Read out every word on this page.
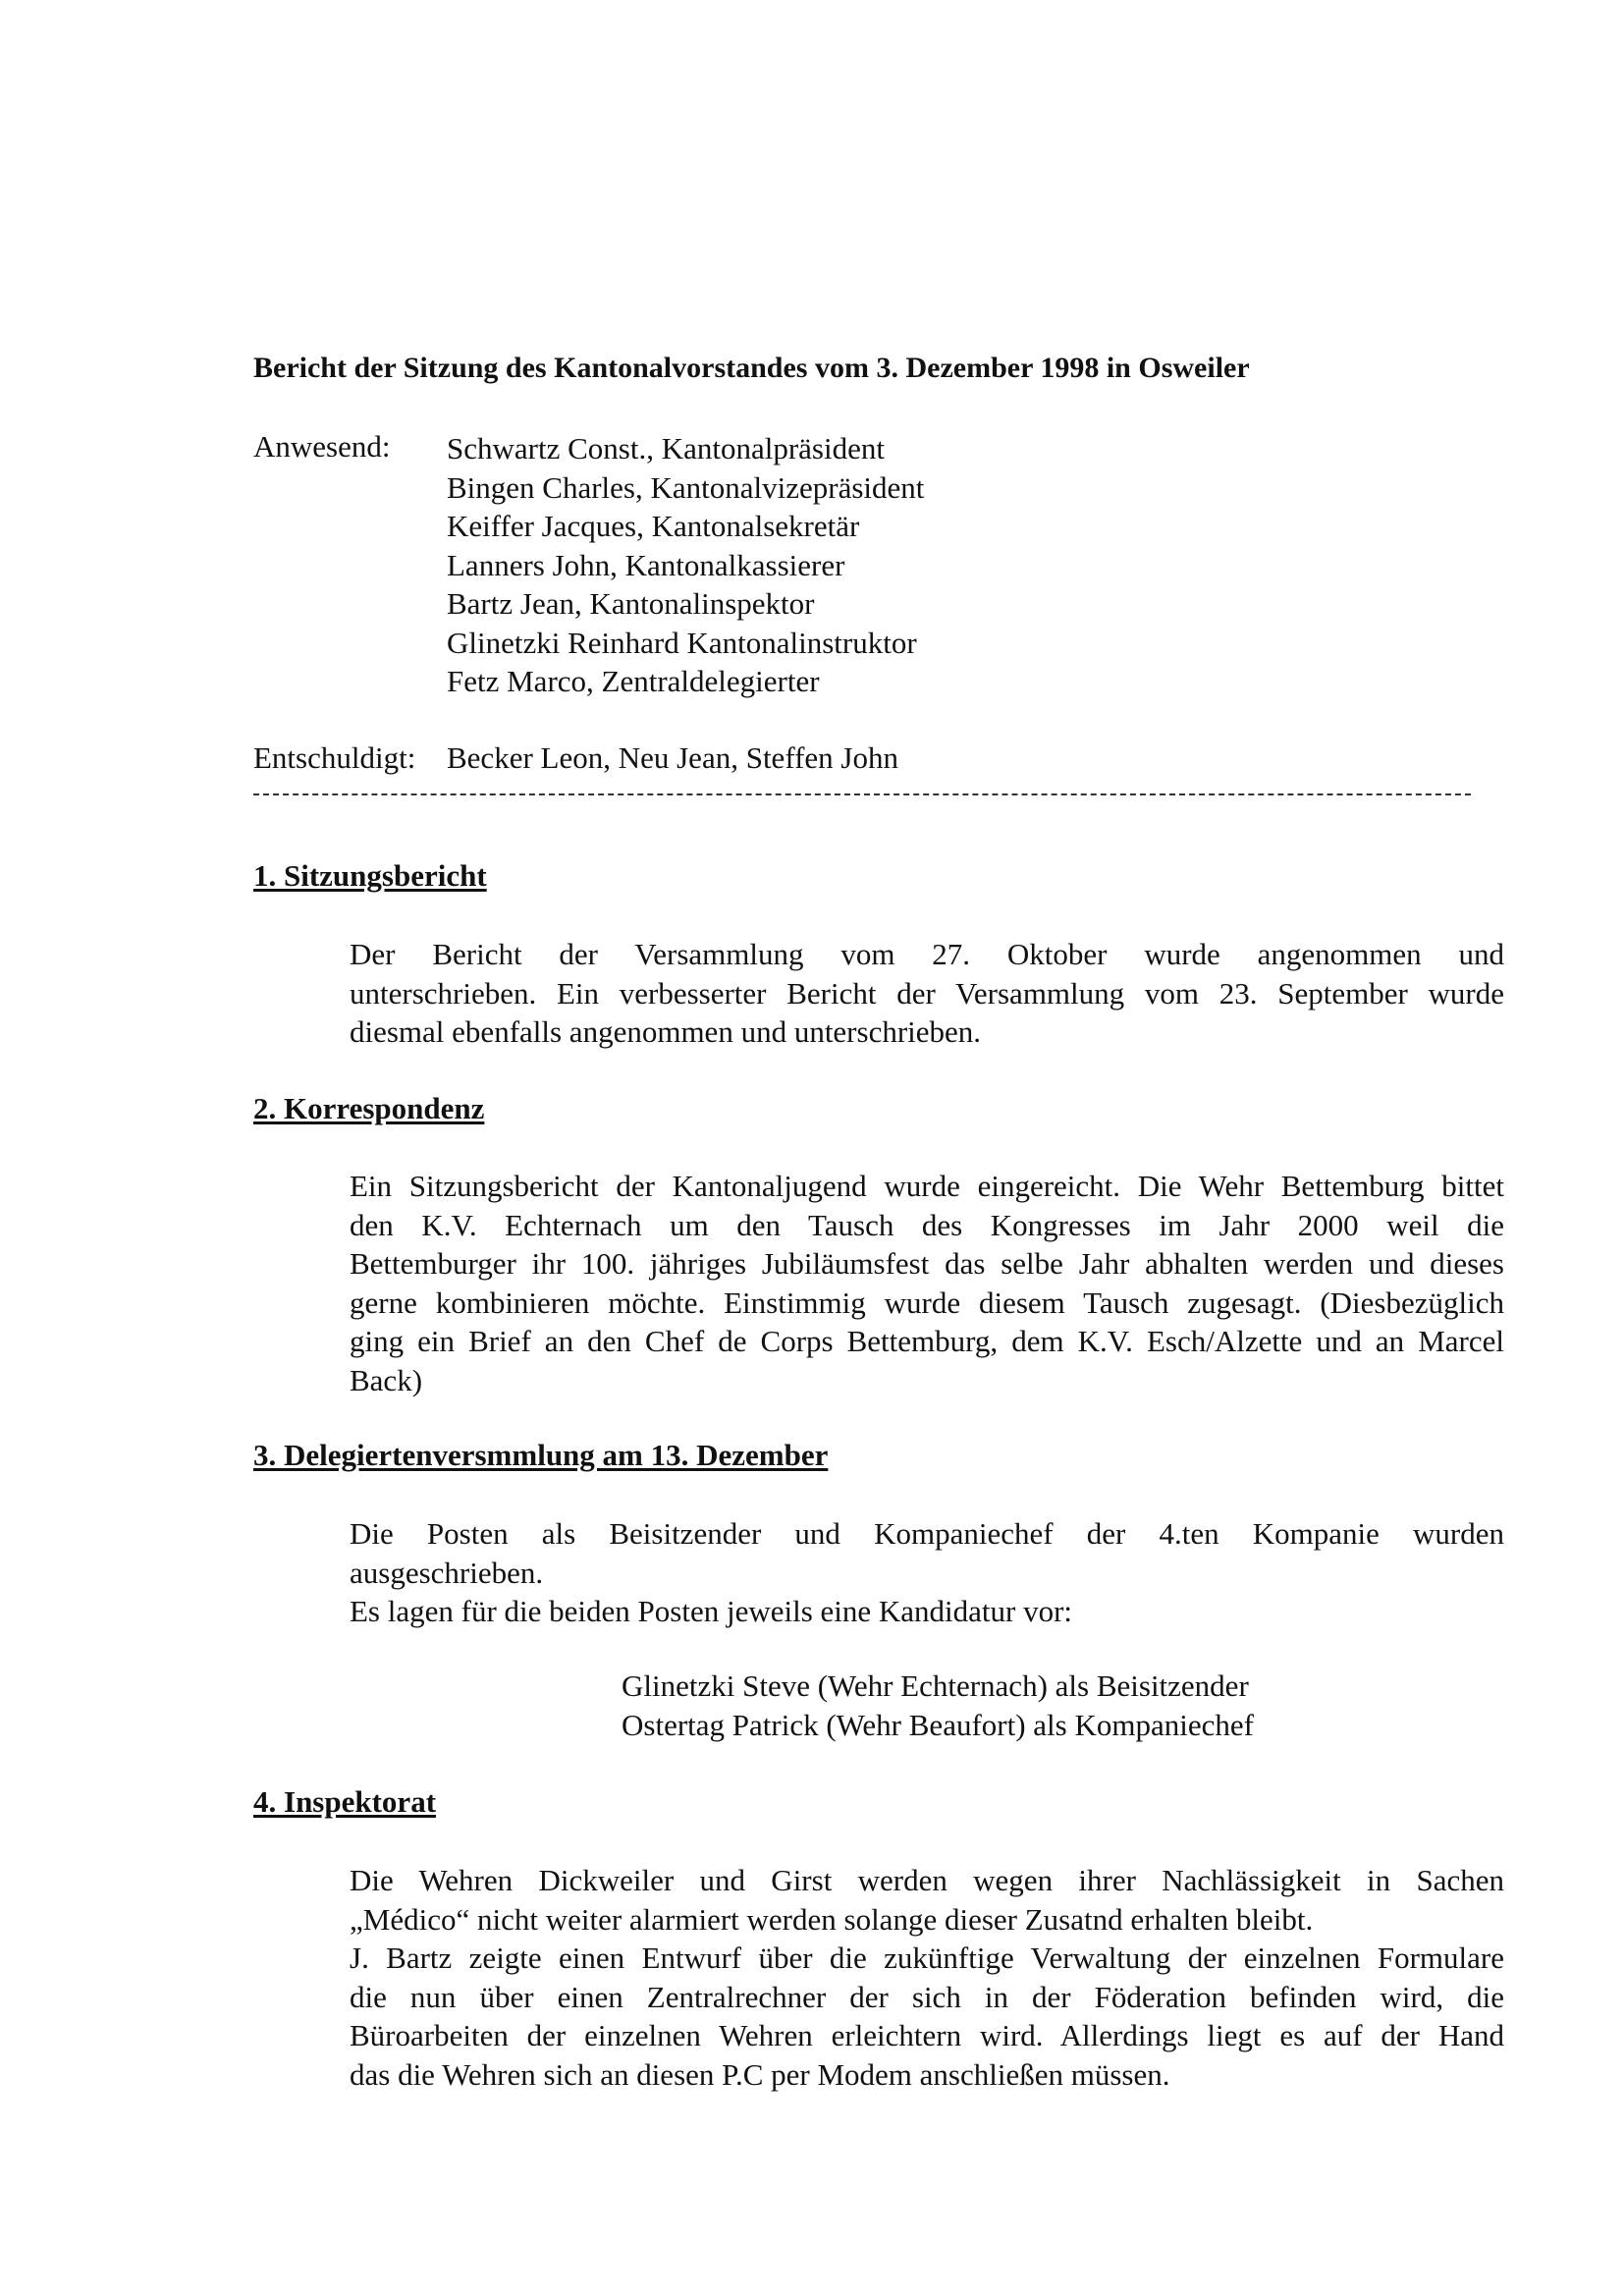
Bericht der Sitzung des Kantonalvorstandes vom 3. Dezember 1998 in Osweiler
Anwesend: Schwartz Const., Kantonalpräsident
Bingen Charles, Kantonalvizepräsident
Keiffer Jacques, Kantonalsekretär
Lanners John, Kantonalkassierer
Bartz Jean, Kantonalinspektor
Glinetzki Reinhard Kantonalinstruktor
Fetz Marco, Zentraldelegierter
Entschuldigt: Becker Leon, Neu Jean, Steffen John
1. Sitzungsbericht
Der Bericht der Versammlung vom 27. Oktober wurde angenommen und
unterschrieben. Ein verbesserter Bericht der Versammlung vom 23. September wurde
diesmal ebenfalls angenommen und unterschrieben.
2. Korrespondenz
Ein Sitzungsbericht der Kantonaljugend wurde eingereicht. Die Wehr Bettemburg bittet
den K.V. Echternach um den Tausch des Kongresses im Jahr 2000 weil die
Bettemburger ihr 100. jähriges Jubiläumsfest das selbe Jahr abhalten werden und dieses
gerne kombinieren möchte. Einstimmig wurde diesem Tausch zugesagt. (Diesbezüglich
ging ein Brief an den Chef de Corps Bettemburg, dem K.V. Esch/Alzette und an Marcel
Back)
3. Delegiertenversmmlung am 13. Dezember
Die Posten als Beisitzender und Kompaniechef der 4.ten Kompanie wurden
ausgeschrieben.
Es lagen für die beiden Posten jeweils eine Kandidatur vor:
Glinetzki Steve (Wehr Echternach) als Beisitzender
Ostertag Patrick (Wehr Beaufort) als Kompaniechef
4. Inspektorat
Die Wehren Dickweiler und Girst werden wegen ihrer Nachlässigkeit in Sachen
„Médico“ nicht weiter alarmiert werden solange dieser Zusatnd erhalten bleibt.
J. Bartz zeigte einen Entwurf über die zukünftige Verwaltung der einzelnen Formulare
die nun über einen Zentralrechner der sich in der Föderation befinden wird, die
Büroarbeiten der einzelnen Wehren erleichtern wird. Allerdings liegt es auf der Hand
das die Wehren sich an diesen P.C per Modem anschließen müssen.
